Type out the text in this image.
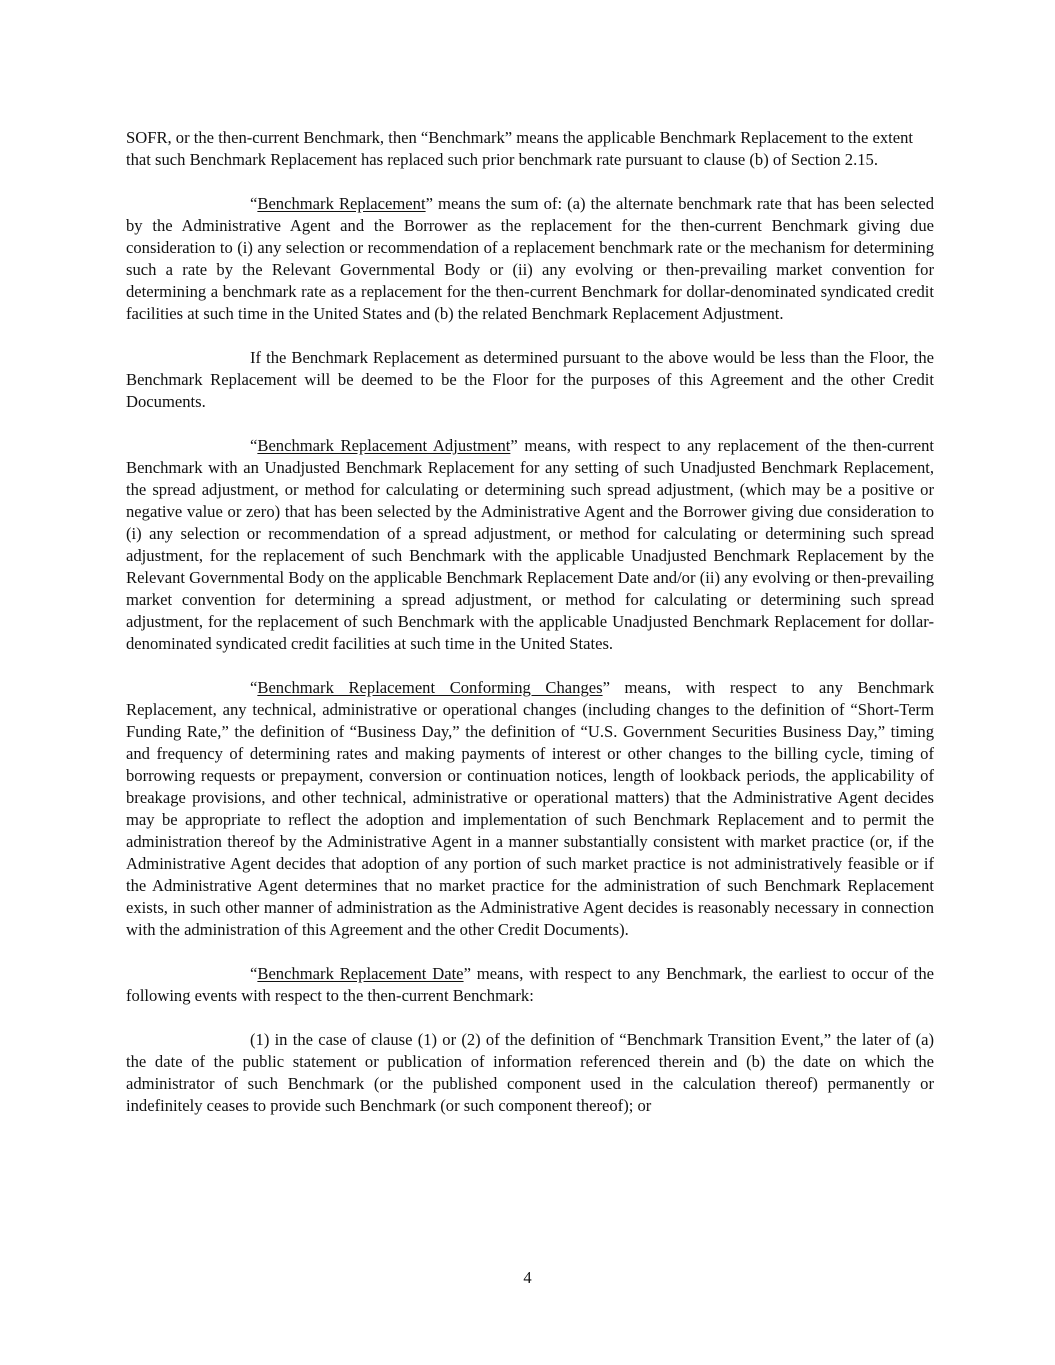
SOFR, or the then-current Benchmark, then “Benchmark” means the applicable Benchmark Replacement to the extent that such Benchmark Replacement has replaced such prior benchmark rate pursuant to clause (b) of Section 2.15.

“Benchmark Replacement” means the sum of: (a) the alternate benchmark rate that has been selected by the Administrative Agent and the Borrower as the replacement for the then-current Benchmark giving due consideration to (i) any selection or recommendation of a replacement benchmark rate or the mechanism for determining such a rate by the Relevant Governmental Body or (ii) any evolving or then-prevailing market convention for determining a benchmark rate as a replacement for the then-current Benchmark for dollar-denominated syndicated credit facilities at such time in the United States and (b) the related Benchmark Replacement Adjustment.

If the Benchmark Replacement as determined pursuant to the above would be less than the Floor, the Benchmark Replacement will be deemed to be the Floor for the purposes of this Agreement and the other Credit Documents.

“Benchmark Replacement Adjustment” means, with respect to any replacement of the then-current Benchmark with an Unadjusted Benchmark Replacement for any setting of such Unadjusted Benchmark Replacement, the spread adjustment, or method for calculating or determining such spread adjustment, (which may be a positive or negative value or zero) that has been selected by the Administrative Agent and the Borrower giving due consideration to (i) any selection or recommendation of a spread adjustment, or method for calculating or determining such spread adjustment, for the replacement of such Benchmark with the applicable Unadjusted Benchmark Replacement by the Relevant Governmental Body on the applicable Benchmark Replacement Date and/or (ii) any evolving or then-prevailing market convention for determining a spread adjustment, or method for calculating or determining such spread adjustment, for the replacement of such Benchmark with the applicable Unadjusted Benchmark Replacement for dollar-denominated syndicated credit facilities at such time in the United States.

“Benchmark Replacement Conforming Changes” means, with respect to any Benchmark Replacement, any technical, administrative or operational changes (including changes to the definition of “Short-Term Funding Rate,” the definition of “Business Day,” the definition of “U.S. Government Securities Business Day,” timing and frequency of determining rates and making payments of interest or other changes to the billing cycle, timing of borrowing requests or prepayment, conversion or continuation notices, length of lookback periods, the applicability of breakage provisions, and other technical, administrative or operational matters) that the Administrative Agent decides may be appropriate to reflect the adoption and implementation of such Benchmark Replacement and to permit the administration thereof by the Administrative Agent in a manner substantially consistent with market practice (or, if the Administrative Agent decides that adoption of any portion of such market practice is not administratively feasible or if the Administrative Agent determines that no market practice for the administration of such Benchmark Replacement exists, in such other manner of administration as the Administrative Agent decides is reasonably necessary in connection with the administration of this Agreement and the other Credit Documents).

“Benchmark Replacement Date” means, with respect to any Benchmark, the earliest to occur of the following events with respect to the then-current Benchmark:

(1) in the case of clause (1) or (2) of the definition of “Benchmark Transition Event,” the later of (a) the date of the public statement or publication of information referenced therein and (b) the date on which the administrator of such Benchmark (or the published component used in the calculation thereof) permanently or indefinitely ceases to provide such Benchmark (or such component thereof); or

4
